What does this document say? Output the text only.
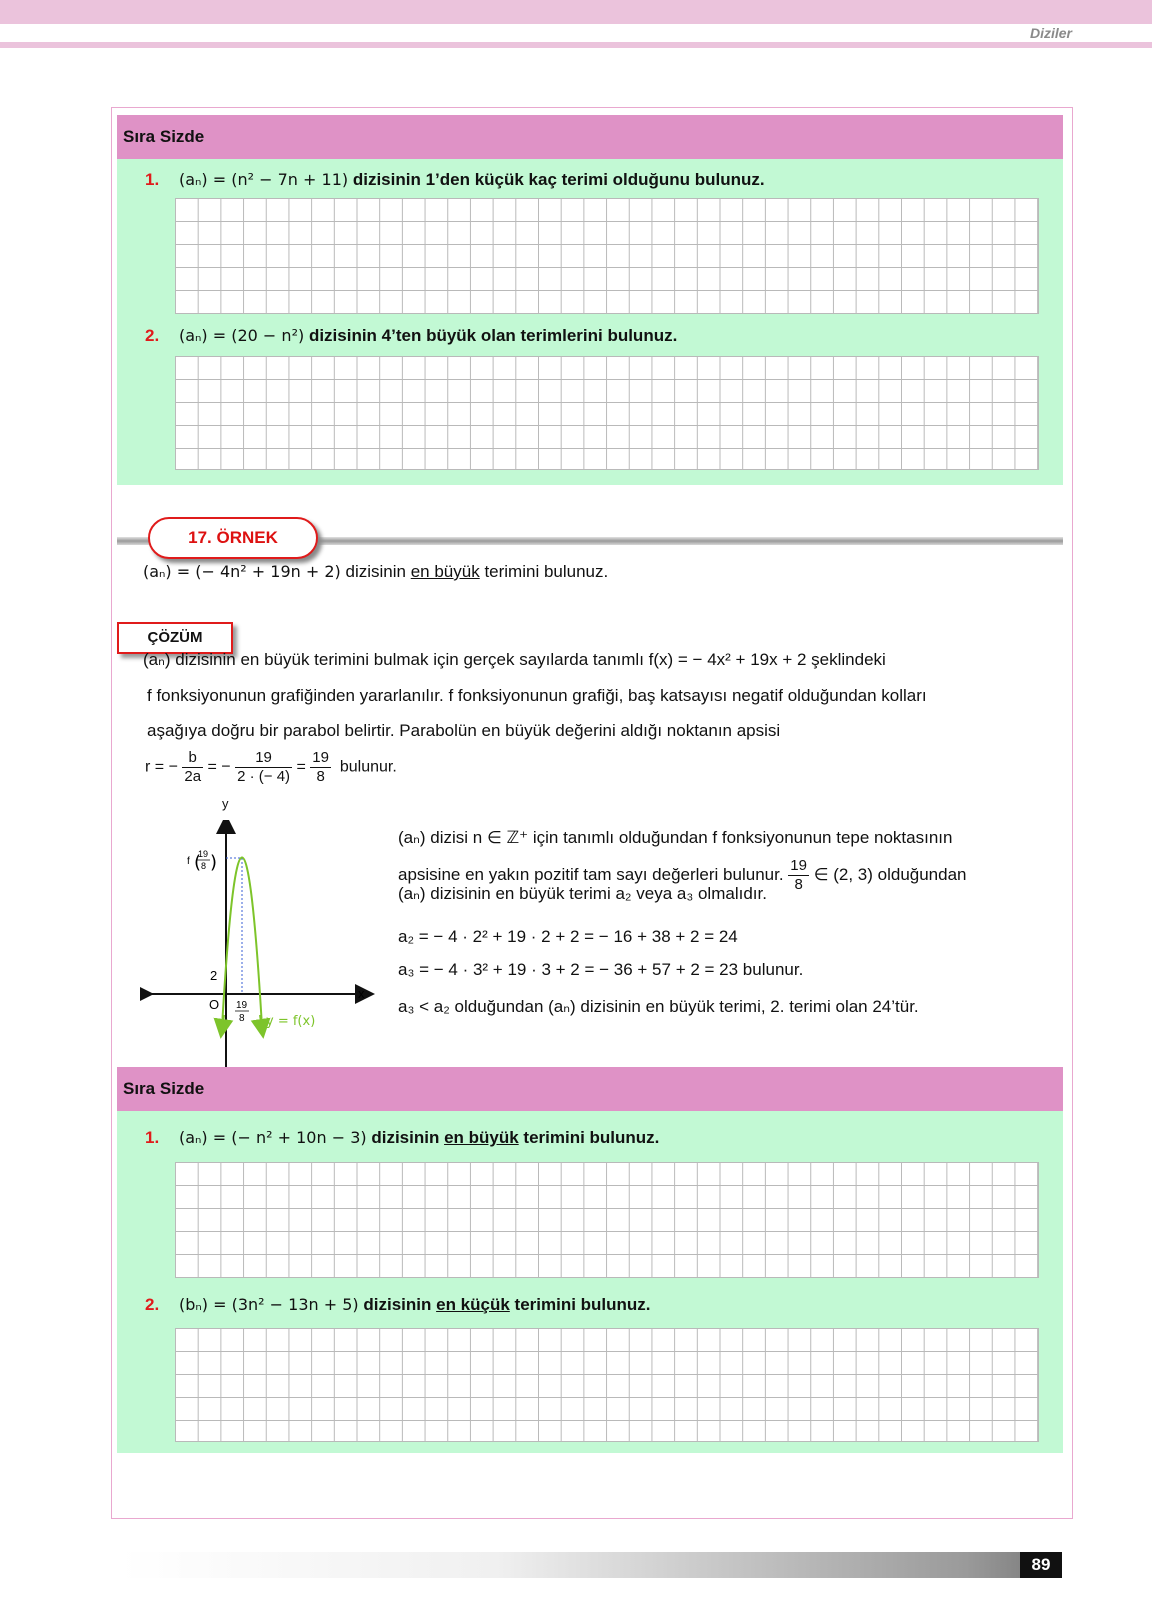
Diziler
Sıra Sizde
1. (aₙ) = (n² − 7n + 11) dizisinin 1’den küçük kaç terimi olduğunu bulunuz.
2. (aₙ) = (20 − n²) dizisinin 4’ten büyük olan terimlerini bulunuz.
17. ÖRNEK
(aₙ) = (− 4n² + 19n + 2) dizisinin en büyük terimini bulunuz.
ÇÖZÜM
(aₙ) dizisinin en büyük terimini bulmak için gerçek sayılarda tanımlı f(x) = − 4x² + 19x + 2 şeklindeki
f fonksiyonunun grafiğinden yararlanılır. f fonksiyonunun grafiği, baş katsayısı negatif olduğundan kolları
aşağıya doğru bir parabol belirtir. Parabolün en büyük değerini aldığı noktanın apsisi
r = − $\frac{b}{2a}$ = − $\frac{19}{2 \cdot (- 4)} = \frac{19}{8}$ bulunur.
x
O
2
f
19
8
( )
19
8 y = f(x)
y
(aₙ) dizisi n ∈ ℤ⁺ için tanımlı olduğundan f fonksiyonunun tepe noktasının
apsisine en yakın pozitif tam sayı değerleri bulunur. $\frac{19}{8}$ ∈ (2, 3) olduğundan
(aₙ) dizisinin en büyük terimi a₂ veya a₃ olmalıdır.
a₂ = − 4 · 2² + 19 · 2 + 2 = − 16 + 38 + 2 = 24
a₃ = − 4 · 3² + 19 · 3 + 2 = − 36 + 57 + 2 = 23 bulunur.
a₃ < a₂ olduğundan (aₙ) dizisinin en büyük terimi, 2. terimi olan 24’tür.
Sıra Sizde
1. (aₙ) = (− n² + 10n − 3) dizisinin en büyük terimini bulunuz.
2. (bₙ) = (3n² − 13n + 5) dizisinin en küçük terimini bulunuz.
89
